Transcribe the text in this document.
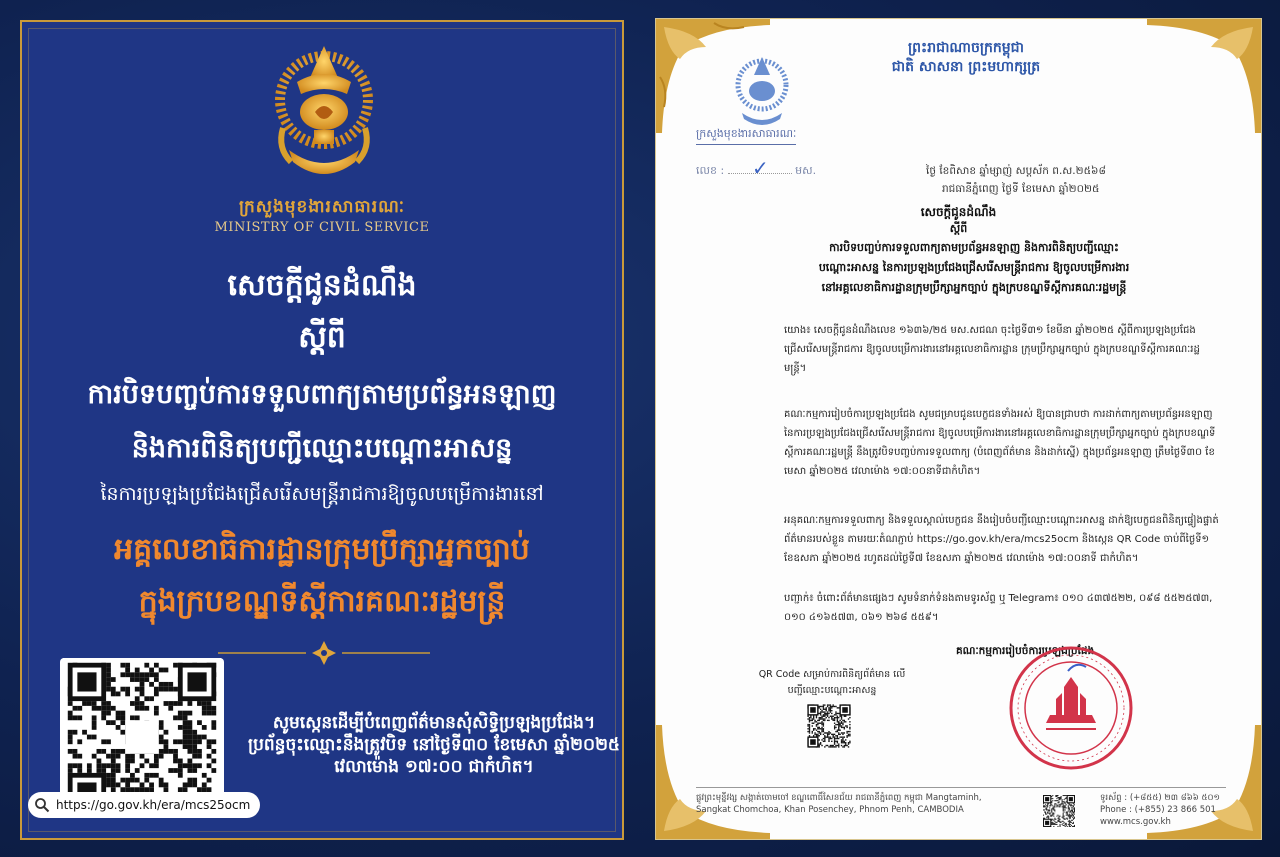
ក្រសួងមុខងារសាធារណៈ
MINISTRY OF CIVIL SERVICE
សេចក្ដីជូនដំណឹង
ស្ដីពី
ការបិទបញ្ចប់ការទទួលពាក្យតាមប្រព័ន្ធអនឡាញ
និងការពិនិត្យបញ្ជីឈ្មោះបណ្ដោះអាសន្ន
នៃការប្រឡងប្រជែងជ្រើសរើសមន្ត្រីរាជការឱ្យចូលបម្រើការងារនៅ
អគ្គលេខាធិការដ្ឋានក្រុមប្រឹក្សាអ្នកច្បាប់
ក្នុងក្របខណ្ឌទីស្ដីការគណៈរដ្ឋមន្ត្រី
សូមស្កេនដើម្បីបំពេញព័ត៌មានសុំសិទ្ធិប្រឡងប្រជែង។
ប្រព័ន្ធចុះឈ្មោះនឹងត្រូវបិទ នៅថ្ងៃទី៣០ ខែមេសា ឆ្នាំ២០២៥
វេលាម៉ោង ១៧:០០ ជាកំហិត។
https://go.gov.kh/era/mcs25ocm
ព្រះរាជាណាចក្រកម្ពុជា
ជាតិ សាសនា ព្រះមហាក្សត្រ
ក្រសួងមុខងារសាធារណៈ
លេខ :	មស.
✓	ថ្ងៃ ខែពិសាខ ឆ្នាំម្សាញ់ សប្តស័ក ព.ស.២៥៦៨
រាជធានីភ្នំពេញ ថ្ងៃទី ខែមេសា ឆ្នាំ២០២៥
សេចក្ដីជូនដំណឹង
ស្ដីពី
ការបិទបញ្ចប់ការទទួលពាក្យតាមប្រព័ន្ធអនឡាញ និងការពិនិត្យបញ្ជីឈ្មោះ
បណ្ដោះអាសន្ន នៃការប្រឡងប្រជែងជ្រើសរើសមន្ត្រីរាជការ ឱ្យចូលបម្រើការងារ
នៅអគ្គលេខាធិការដ្ឋានក្រុមប្រឹក្សាអ្នកច្បាប់ ក្នុងក្របខណ្ឌទីស្ដីការគណៈរដ្ឋមន្ត្រី
យោង៖ សេចក្ដីជូនដំណឹងលេខ ១៦៣៦/២៥ មស.សជណ ចុះថ្ងៃទី៣១ ខែមីនា ឆ្នាំ២០២៥ ស្ដីពីការប្រឡងប្រជែងជ្រើសរើសមន្ត្រីរាជការ ឱ្យចូលបម្រើការងារនៅអគ្គលេខាធិការដ្ឋាន ក្រុមប្រឹក្សាអ្នកច្បាប់ ក្នុងក្របខណ្ឌទីស្ដីការគណៈរដ្ឋមន្ត្រី។
គណៈកម្មការរៀបចំការប្រឡងប្រជែង សូមជម្រាបជូនបេក្ខជនទាំងអស់ ឱ្យបានជ្រាបថា ការដាក់ពាក្យតាមប្រព័ន្ធអនឡាញនៃការប្រឡងប្រជែងជ្រើសរើសមន្ត្រីរាជការ ឱ្យចូលបម្រើការងារនៅអគ្គលេខាធិការដ្ឋានក្រុមប្រឹក្សាអ្នកច្បាប់ ក្នុងក្របខណ្ឌទីស្ដីការគណៈរដ្ឋមន្ត្រី នឹងត្រូវបិទបញ្ចប់ការទទួលពាក្យ (បំពេញព័ត៌មាន និងដាក់ស្នើ) ក្នុងប្រព័ន្ធអនឡាញ ត្រឹមថ្ងៃទី៣០ ខែមេសា ឆ្នាំ២០២៥ វេលាម៉ោង ១៧:០០នាទីជាកំហិត។
អនុគណៈកម្មការទទួលពាក្យ និងទទួលស្គាល់បេក្ខជន នឹងរៀបចំបញ្ជីឈ្មោះបណ្ដោះអាសន្ន ដាក់ឱ្យបេក្ខជនពិនិត្យផ្ទៀងផ្ទាត់ព័ត៌មានរបស់ខ្លួន តាមរយៈតំណភ្ជាប់ https://go.gov.kh/era/mcs25ocm និងស្កេន QR Code ចាប់ពីថ្ងៃទី១ ខែឧសភា ឆ្នាំ២០២៥ រហូតដល់ថ្ងៃទី៧ ខែឧសភា ឆ្នាំ២០២៥ វេលាម៉ោង ១៧:០០នាទី ជាកំហិត។
បញ្ជាក់៖ ចំពោះព័ត៌មានផ្សេងៗ សូមទំនាក់ទំនងតាមទូរស័ព្ទ ឬ Telegram៖ ០១០ ៤៣៧៥២២, ០៩៨ ៥៥២៥៧៣, ០១០ ៤១៦៥៧៣, ០៦១ ២៦៨ ៥៥៩។
គណៈកម្មការរៀបចំការប្រឡងប្រជែង
QR Code សម្រាប់ការពិនិត្យព័ត៌មាន លើបញ្ជីឈ្មោះបណ្ដោះអាសន្ន
ផ្លូវព្រះមុន្នីវង្ស សង្កាត់ចោមចៅ ខណ្ឌពោធិ៍សែនជ័យ រាជធានីភ្នំពេញ កម្ពុជា Mangtaminh, Sangkat Chomchoa, Khan Posenchey, Phnom Penh, CAMBODIA
ទូរស័ព្ទ : (+៨៥៥) ២៣ ៨៦៦ ៥០១
Phone : (+855) 23 866 501
www.mcs.gov.kh
